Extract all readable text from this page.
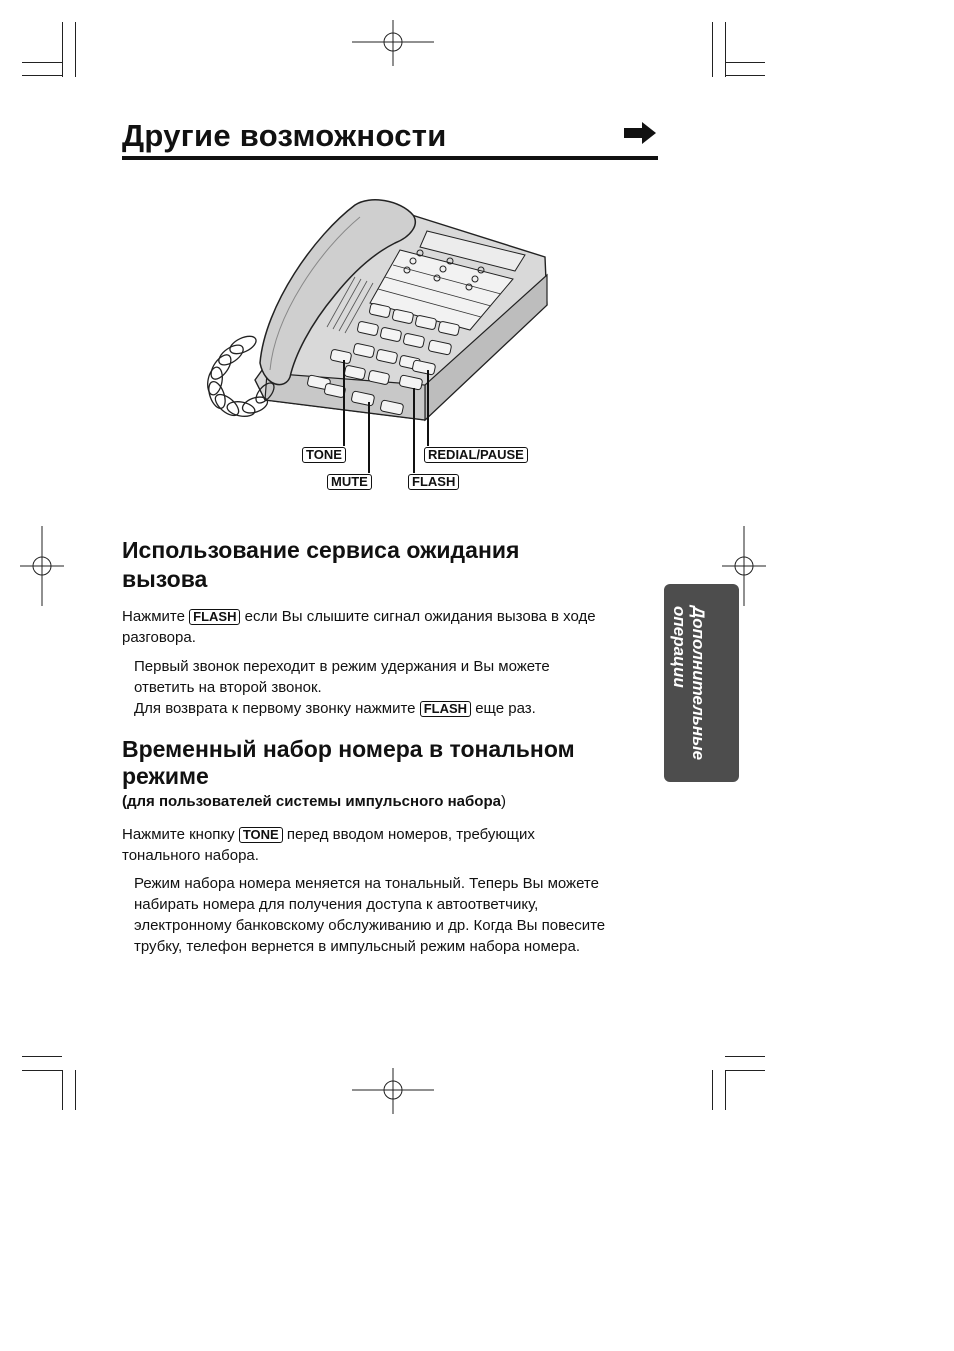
Другие возможности
TONE	REDIAL/PAUSE
MUTE	FLASH
Использование сервиса ожидания
вызова
Нажмите FLASH если Вы слышите сигнал ожидания вызова в ходе
разговора.
Первый звонок переходит в режим удержания и Вы можете
ответить на второй звонок.
Для возврата к первому звонку нажмите FLASH еще раз.
Временный набор номера в тональном
режиме
(для пользователей системы импульсного набора)
Нажмите кнопку TONE перед вводом номеров, требующих
тонального набора.
Режим набора номера меняется на тональный. Теперь Вы можете
набирать номера для получения доступа к автоответчику,
электронному банковскому обслуживанию и др. Когда Вы повесите
трубку, телефон вернется в импульсный режим набора номера.
Дополнительные
операции
